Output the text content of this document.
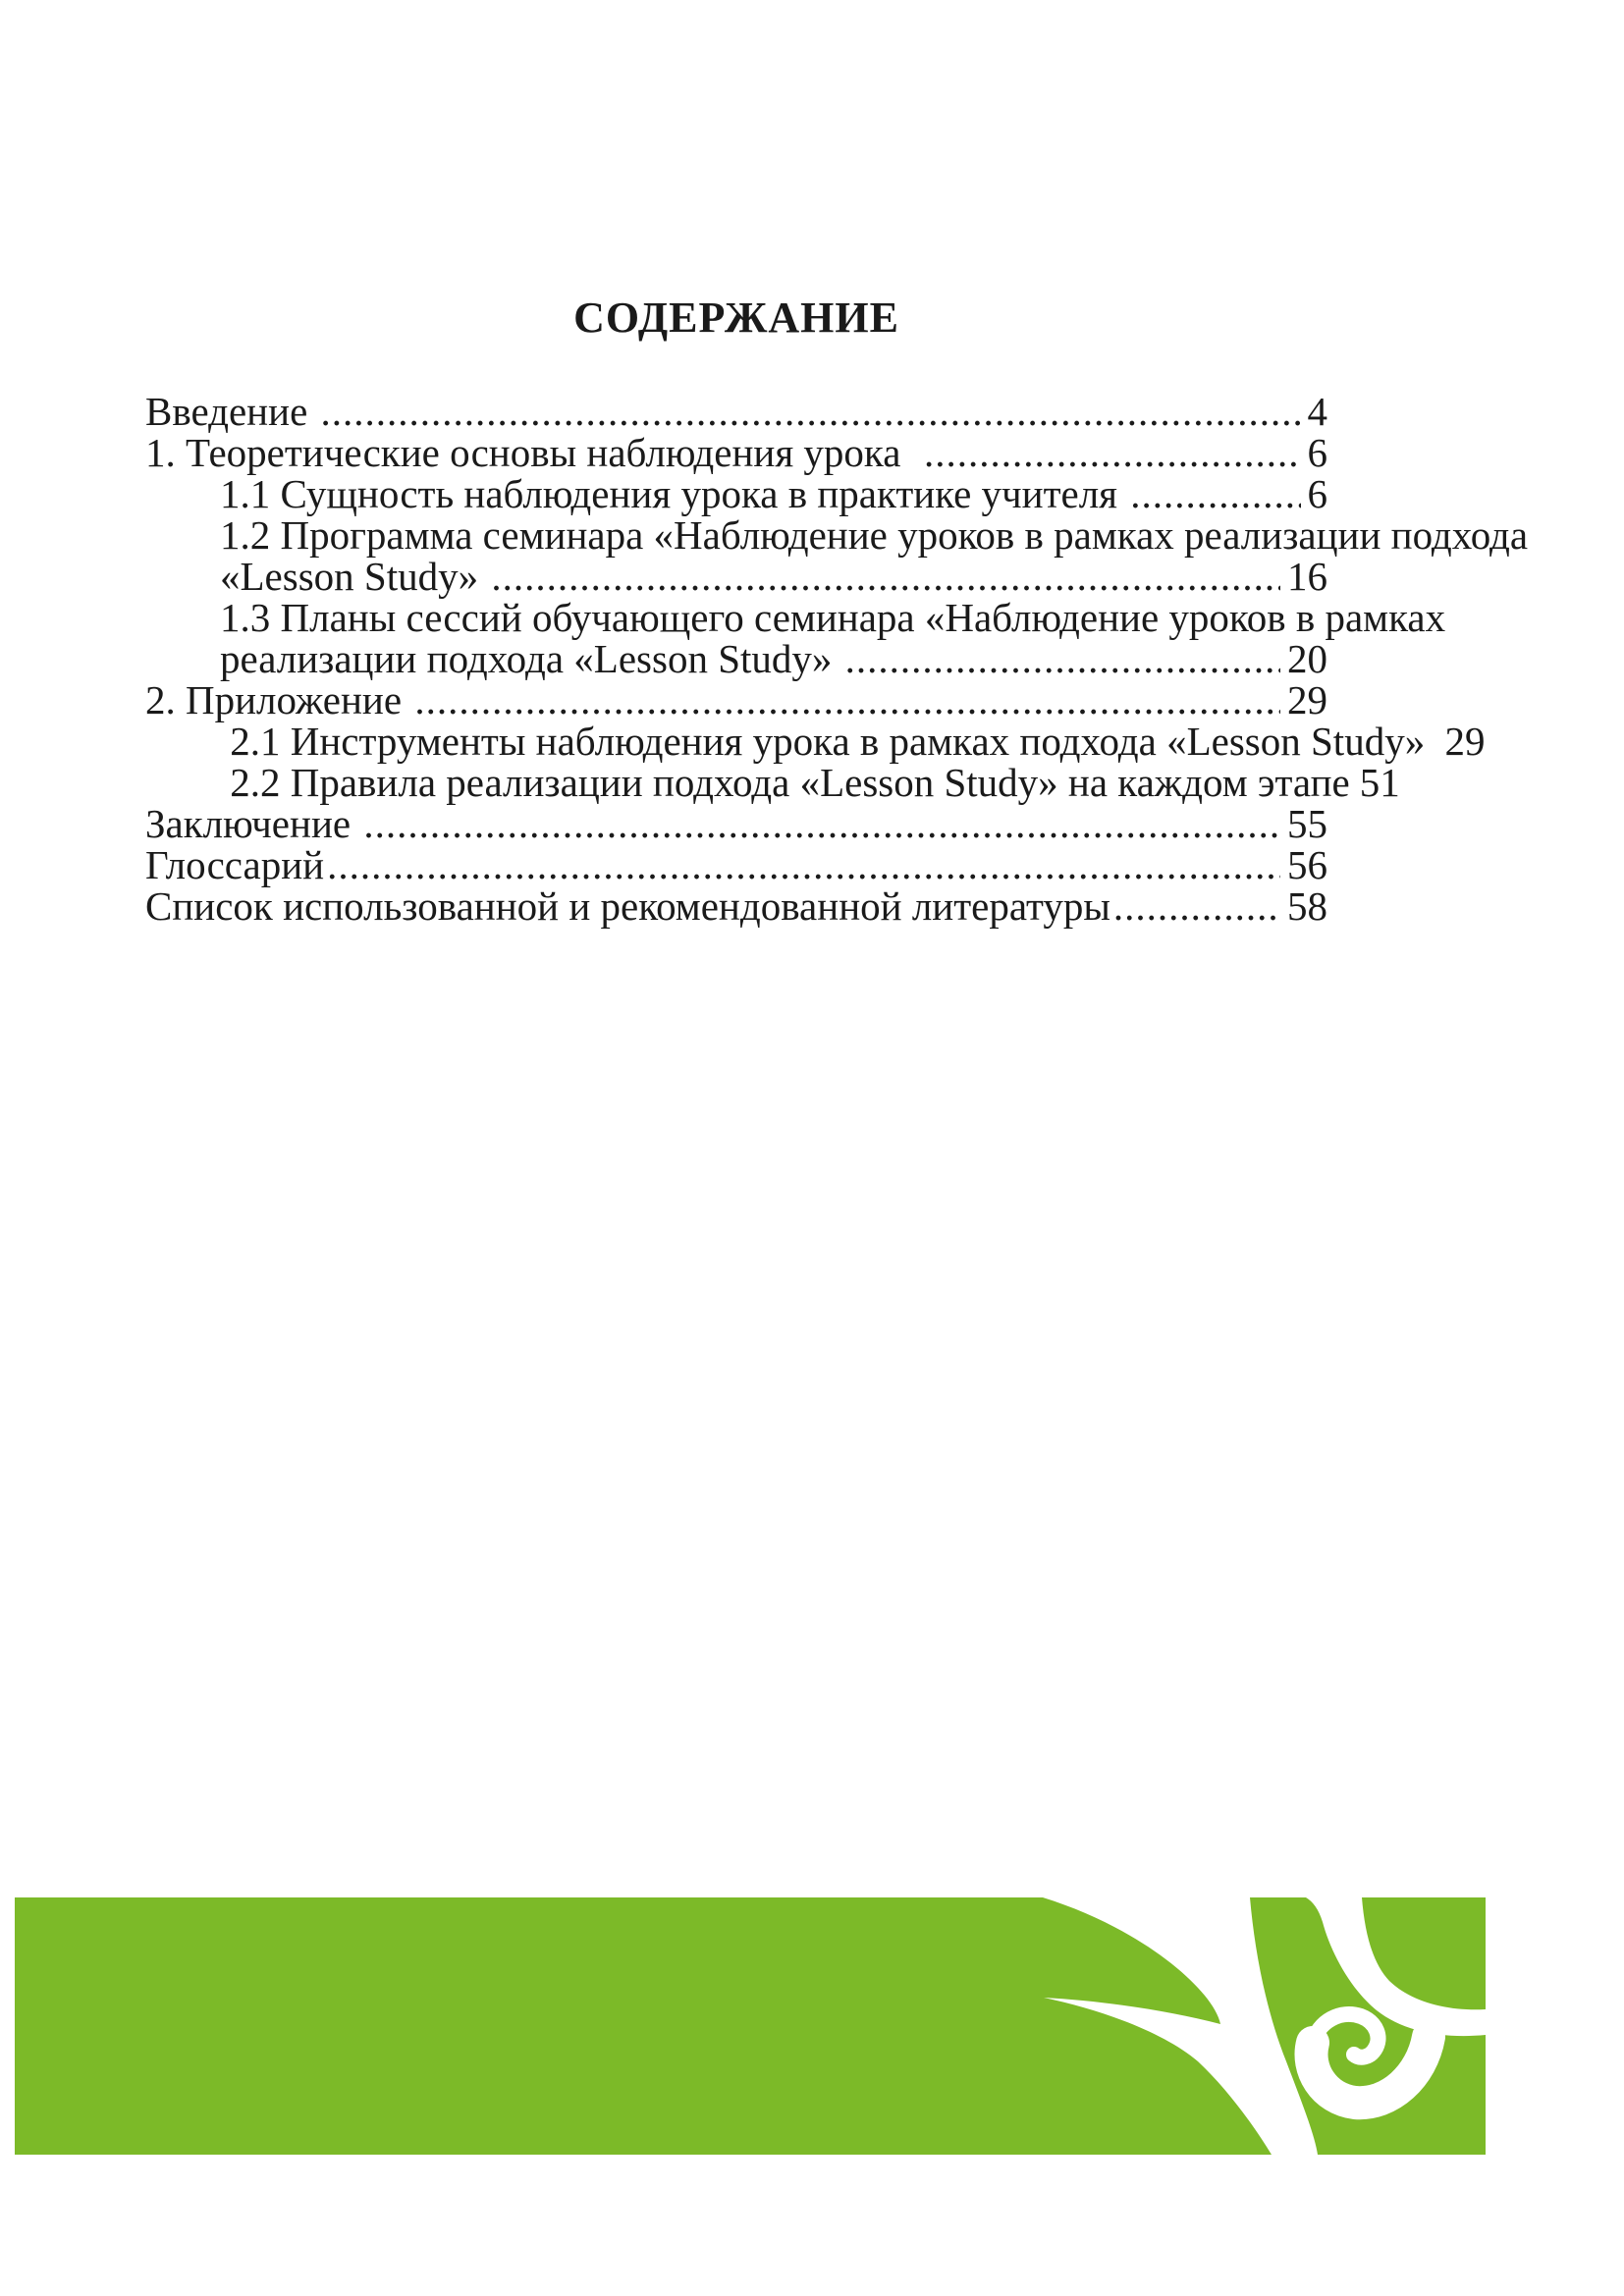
СОДЕРЖАНИЕ
Введение .....	4
1. Теоретические основы наблюдения урока .....	6
1.1 Сущность наблюдения урока в практике учителя .....	6
1.2 Программа семинара «Наблюдение уроков в рамках реализации подхода
«Lesson Study» .....	16
1.3 Планы сессий обучающего семинара «Наблюдение уроков в рамках
реализации подхода «Lesson Study» .....	20
2. Приложение .....	29
2.1 Инструменты наблюдения урока в рамках подхода «Lesson Study» ..... 29
2.2 Правила реализации подхода «Lesson Study» на каждом этапе ..... 51
Заключение .....	55
Глоссарий .....	56
Список использованной и рекомендованной литературы .....	58
